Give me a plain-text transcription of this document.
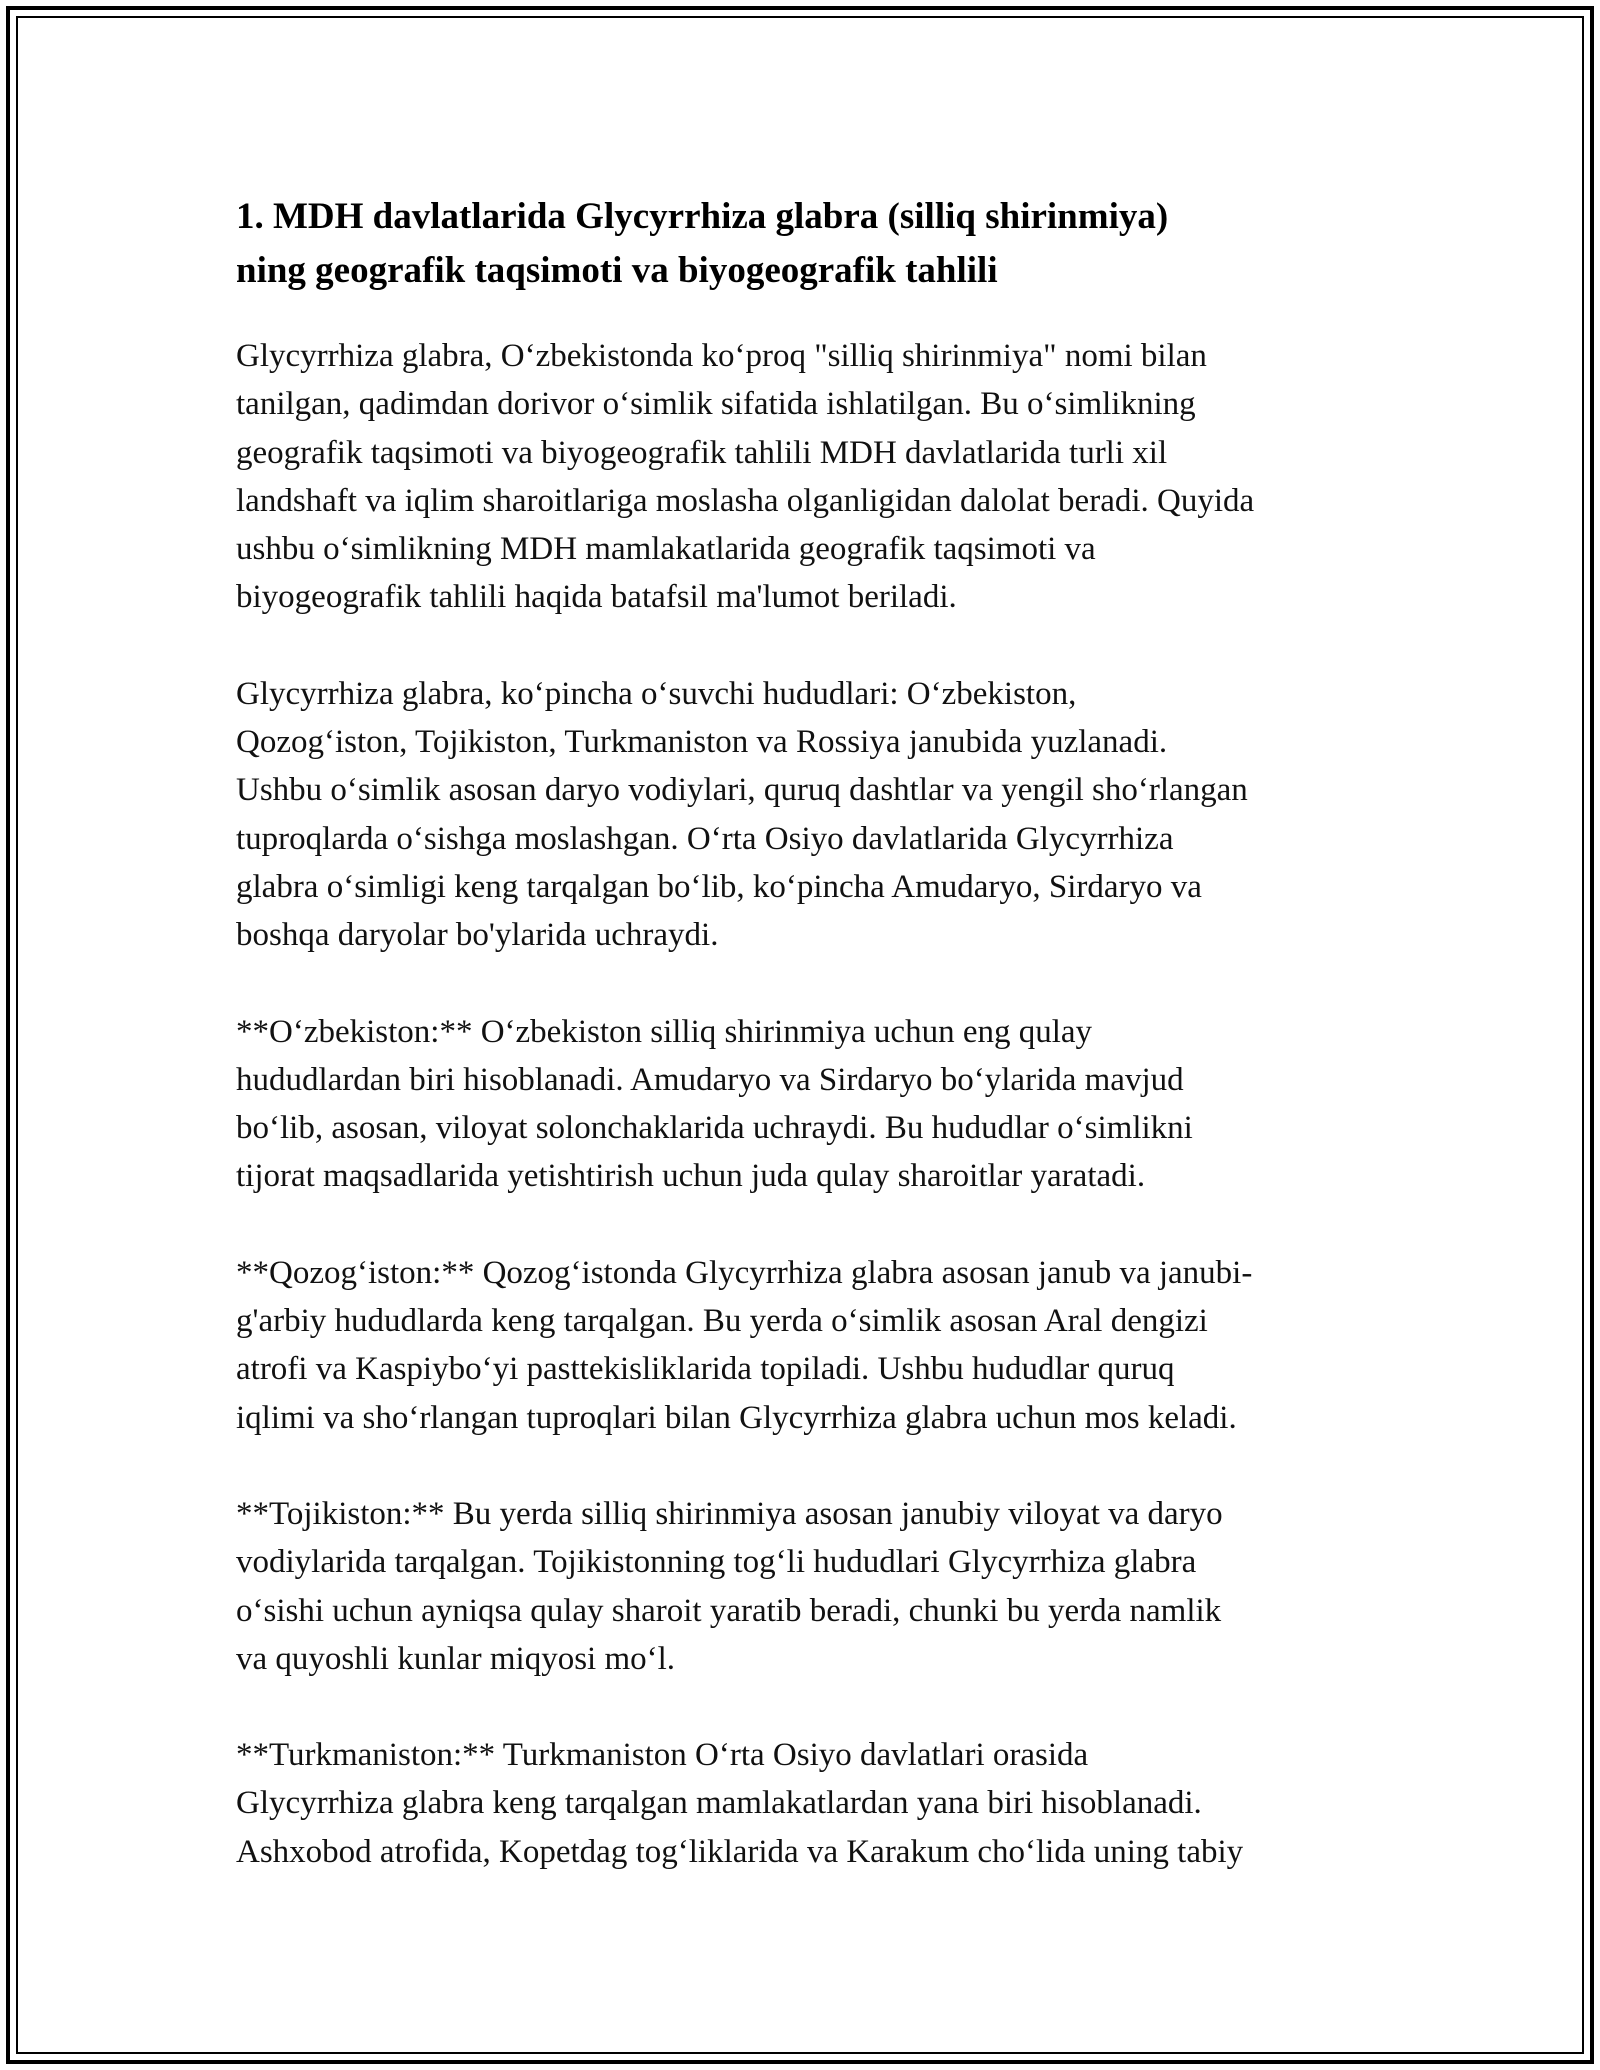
1. MDH davlatlarida Glycyrrhiza glabra (silliq shirinmiya)
ning geografik taqsimoti va biyogeografik tahlili

Glycyrrhiza glabra, O‘zbekistonda ko‘proq "silliq shirinmiya" nomi bilan
tanilgan, qadimdan dorivor o‘simlik sifatida ishlatilgan. Bu o‘simlikning
geografik taqsimoti va biyogeografik tahlili MDH davlatlarida turli xil
landshaft va iqlim sharoitlariga moslasha olganligidan dalolat beradi. Quyida
ushbu o‘simlikning MDH mamlakatlarida geografik taqsimoti va
biyogeografik tahlili haqida batafsil ma'lumot beriladi.

Glycyrrhiza glabra, ko‘pincha o‘suvchi hududlari: O‘zbekiston,
Qozog‘iston, Tojikiston, Turkmaniston va Rossiya janubida yuzlanadi.
Ushbu o‘simlik asosan daryo vodiylari, quruq dashtlar va yengil sho‘rlangan
tuproqlarda o‘sishga moslashgan. O‘rta Osiyo davlatlarida Glycyrrhiza
glabra o‘simligi keng tarqalgan bo‘lib, ko‘pincha Amudaryo, Sirdaryo va
boshqa daryolar bo'ylarida uchraydi.

**O‘zbekiston:** O‘zbekiston silliq shirinmiya uchun eng qulay
hududlardan biri hisoblanadi. Amudaryo va Sirdaryo bo‘ylarida mavjud
bo‘lib, asosan, viloyat solonchaklarida uchraydi. Bu hududlar o‘simlikni
tijorat maqsadlarida yetishtirish uchun juda qulay sharoitlar yaratadi.

**Qozog‘iston:** Qozog‘istonda Glycyrrhiza glabra asosan janub va janubi-
g'arbiy hududlarda keng tarqalgan. Bu yerda o‘simlik asosan Aral dengizi
atrofi va Kaspiybo‘yi pasttekisliklarida topiladi. Ushbu hududlar quruq
iqlimi va sho‘rlangan tuproqlari bilan Glycyrrhiza glabra uchun mos keladi.

**Tojikiston:** Bu yerda silliq shirinmiya asosan janubiy viloyat va daryo
vodiylarida tarqalgan. Tojikistonning tog‘li hududlari Glycyrrhiza glabra
o‘sishi uchun ayniqsa qulay sharoit yaratib beradi, chunki bu yerda namlik
va quyoshli kunlar miqyosi mo‘l.

**Turkmaniston:** Turkmaniston O‘rta Osiyo davlatlari orasida
Glycyrrhiza glabra keng tarqalgan mamlakatlardan yana biri hisoblanadi.
Ashxobod atrofida, Kopetdag tog‘liklarida va Karakum cho‘lida uning tabiy
